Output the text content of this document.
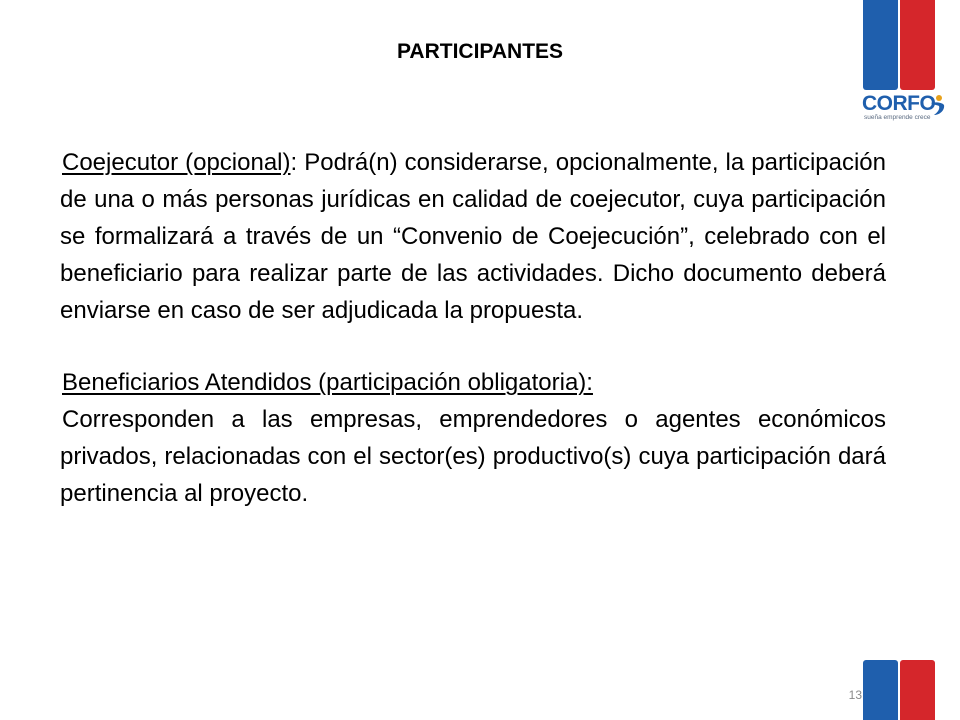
CORFO
sueña emprende crece
PARTICIPANTES

Coejecutor (opcional): Podrá(n) considerarse, opcionalmente, la participación de una o más personas jurídicas en calidad de coejecutor, cuya participación se formalizará a través de un “Convenio de Coejecución”, celebrado con el beneficiario para realizar parte de las actividades. Dicho documento deberá enviarse en caso de ser adjudicada la propuesta.

Beneficiarios Atendidos (participación obligatoria):

Corresponden a las empresas, emprendedores o agentes económicos privados, relacionadas con el sector(es) productivo(s) cuya participación dará pertinencia al proyecto.

13
